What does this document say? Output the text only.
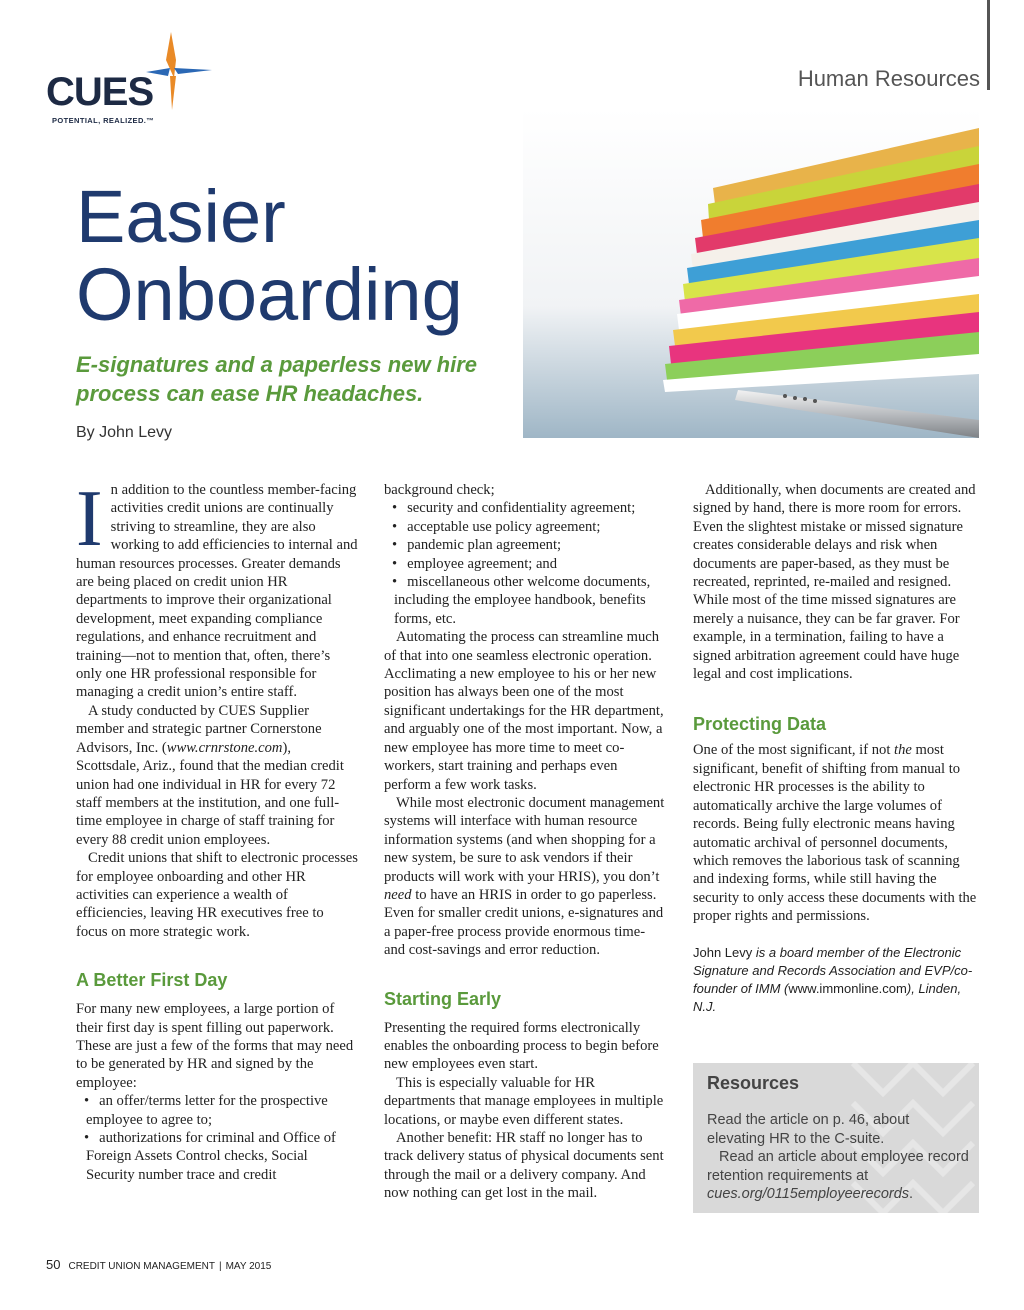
CUES
POTENTIAL, REALIZED.™
Human Resources
Easier
Onboarding
E-signatures and a paperless new hire process can ease HR headaches.
By John Levy

In addition to the countless member-facing activities credit unions are continually striving to streamline, they are also working to add efficiencies to internal and human resources processes. Greater demands are being placed on credit union HR departments to improve their organizational development, meet expanding compliance regulations, and enhance recruitment and training—not to mention that, often, there’s only one HR professional responsible for managing a credit union’s entire staff.

A study conducted by CUES Supplier member and strategic partner Cornerstone Advisors, Inc. (www.crnrstone.com), Scottsdale, Ariz., found that the median credit union had one individual in HR for every 72 staff members at the institution, and one full-time employee in charge of staff training for every 88 credit union employees.

Credit unions that shift to electronic processes for employee onboarding and other HR activities can experience a wealth of efficiencies, leaving HR executives free to focus on more strategic work.

A Better First Day

For many new employees, a large portion of their first day is spent filling out paperwork. These are just a few of the forms that may need to be generated by HR and signed by the employee:

• an offer/terms letter for the prospective employee to agree to;
• authorizations for criminal and Office of Foreign Assets Control checks, Social Security number trace and credit

background check;

• security and confidentiality agreement;
• acceptable use policy agreement;
• pandemic plan agreement;
• employee agreement; and
• miscellaneous other welcome documents, including the employee handbook, benefits forms, etc.

Automating the process can streamline much of that into one seamless electronic operation. Acclimating a new employee to his or her new position has always been one of the most significant undertakings for the HR department, and arguably one of the most important. Now, a new employee has more time to meet co-workers, start training and perhaps even perform a few work tasks.

While most electronic document management systems will interface with human resource information systems (and when shopping for a new system, be sure to ask vendors if their products will work with your HRIS), you don’t need to have an HRIS in order to go paperless. Even for smaller credit unions, e-signatures and a paper-free process provide enormous time- and cost-savings and error reduction.

Starting Early

Presenting the required forms electronically enables the onboarding process to begin before new employees even start.

This is especially valuable for HR departments that manage employees in multiple locations, or maybe even different states.

Another benefit: HR staff no longer has to track delivery status of physical documents sent through the mail or a delivery company. And now nothing can get lost in the mail.

Additionally, when documents are created and signed by hand, there is more room for errors. Even the slightest mistake or missed signature creates considerable delays and risk when documents are paper-based, as they must be recreated, reprinted, re-mailed and resigned. While most of the time missed signatures are merely a nuisance, they can be far graver. For example, in a termination, failing to have a signed arbitration agreement could have huge legal and cost implications.

Protecting Data

One of the most significant, if not the most significant, benefit of shifting from manual to electronic HR processes is the ability to automatically archive the large volumes of records. Being fully electronic means having automatic archival of personnel documents, which removes the laborious task of scanning and indexing forms, while still having the security to only access these documents with the proper rights and permissions.

John Levy is a board member of the Electronic Signature and Records Association and EVP/co-founder of IMM (www.immonline.com), Linden, N.J.

Resources
Read the article on p. 46, about elevating HR to the C-suite.
Read an article about employee record retention requirements at cues.org/0115employeerecords.
50 CREDIT UNION MANAGEMENT | MAY 2015
